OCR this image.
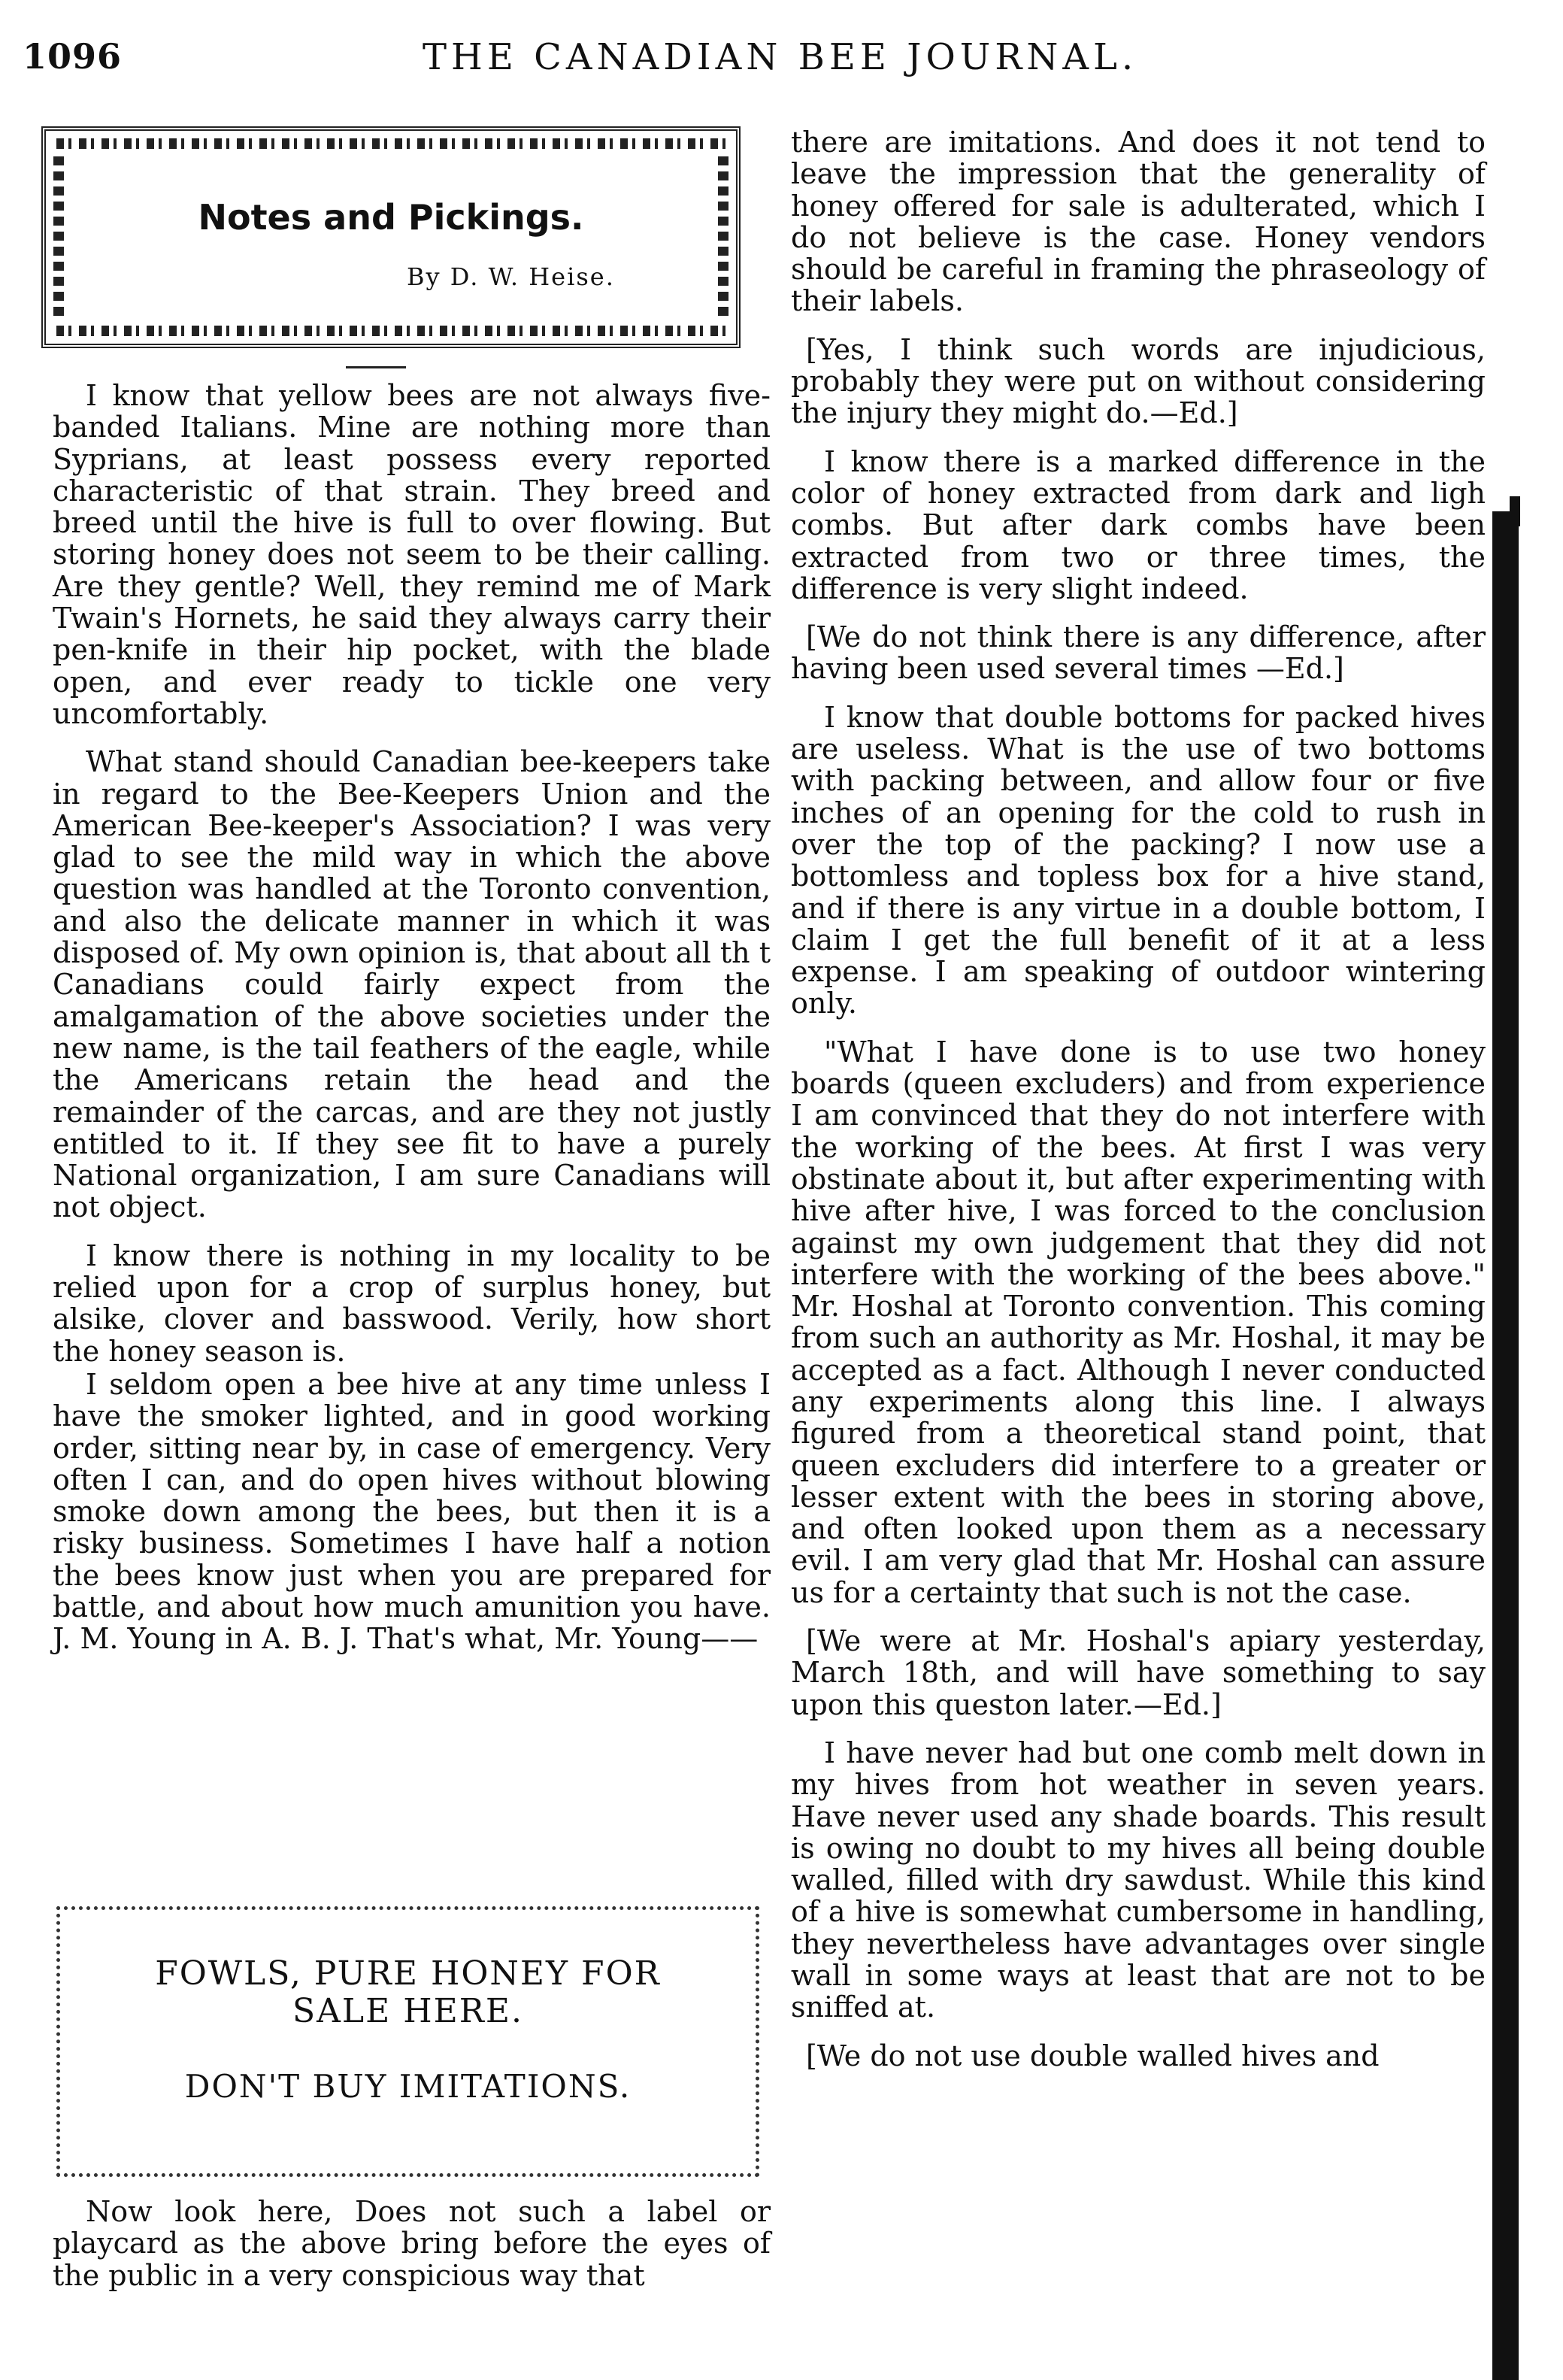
1096	THE CANADIAN BEE JOURNAL.
Notes and Pickings.
By D. W. Heise.

I know that yellow bees are not always five-banded Italians. Mine are nothing more than Syprians, at least possess every reported characteristic of that strain. They breed and breed until the hive is full to over flowing. But storing honey does not seem to be their calling. Are they gentle? Well, they remind me of Mark Twain's Hornets, he said they always carry their pen-knife in their hip pocket, with the blade open, and ever ready to tickle one very uncomfortably.

What stand should Canadian bee-keepers take in regard to the Bee-Keepers Union and the American Bee-keeper's Association? I was very glad to see the mild way in which the above question was handled at the Toronto convention, and also the delicate manner in which it was disposed of. My own opinion is, that about all th t Canadians could fairly expect from the amalgamation of the above societies under the new name, is the tail feathers of the eagle, while the Americans retain the head and the remainder of the carcas, and are they not justly entitled to it. If they see fit to have a purely National organization, I am sure Canadians will not object.

I know there is nothing in my locality to be relied upon for a crop of surplus honey, but alsike, clover and basswood. Verily, how short the honey season is.

I seldom open a bee hive at any time unless I have the smoker lighted, and in good working order, sitting near by, in case of emergency. Very often I can, and do open hives without blowing smoke down among the bees, but then it is a risky business. Sometimes I have half a notion the bees know just when you are prepared for battle, and about how much amunition you have. J. M. Young in A. B. J. That's what, Mr. Young——

FOWLS, PURE HONEY FOR
SALE HERE.
DON'T BUY IMITATIONS.

Now look here, Does not such a label or playcard as the above bring before the eyes of the public in a very conspicious way that

there are imitations. And does it not tend to leave the impression that the generality of honey offered for sale is adulterated, which I do not believe is the case. Honey vendors should be careful in framing the phraseology of their labels.

[Yes, I think such words are injudicious, probably they were put on without considering the injury they might do.—Ed.]

I know there is a marked difference in the color of honey extracted from dark and ligh combs. But after dark combs have been extracted from two or three times, the difference is very slight indeed.

[We do not think there is any difference, after having been used several times —Ed.]

I know that double bottoms for packed hives are useless. What is the use of two bottoms with packing between, and allow four or five inches of an opening for the cold to rush in over the top of the packing? I now use a bottomless and topless box for a hive stand, and if there is any virtue in a double bottom, I claim I get the full benefit of it at a less expense. I am speaking of outdoor wintering only.

"What I have done is to use two honey boards (queen excluders) and from experience I am convinced that they do not interfere with the working of the bees. At first I was very obstinate about it, but after experimenting with hive after hive, I was forced to the conclusion against my own judgement that they did not interfere with the working of the bees above." Mr. Hoshal at Toronto convention. This coming from such an authority as Mr. Hoshal, it may be accepted as a fact. Although I never conducted any experiments along this line. I always figured from a theoretical stand point, that queen excluders did interfere to a greater or lesser extent with the bees in storing above, and often looked upon them as a necessary evil. I am very glad that Mr. Hoshal can assure us for a certainty that such is not the case.

[We were at Mr. Hoshal's apiary yesterday, March 18th, and will have something to say upon this queston later.—Ed.]

I have never had but one comb melt down in my hives from hot weather in seven years. Have never used any shade boards. This result is owing no doubt to my hives all being double walled, filled with dry sawdust. While this kind of a hive is somewhat cumbersome in handling, they nevertheless have advantages over single wall in some ways at least that are not to be sniffed at.

[We do not use double walled hives and
